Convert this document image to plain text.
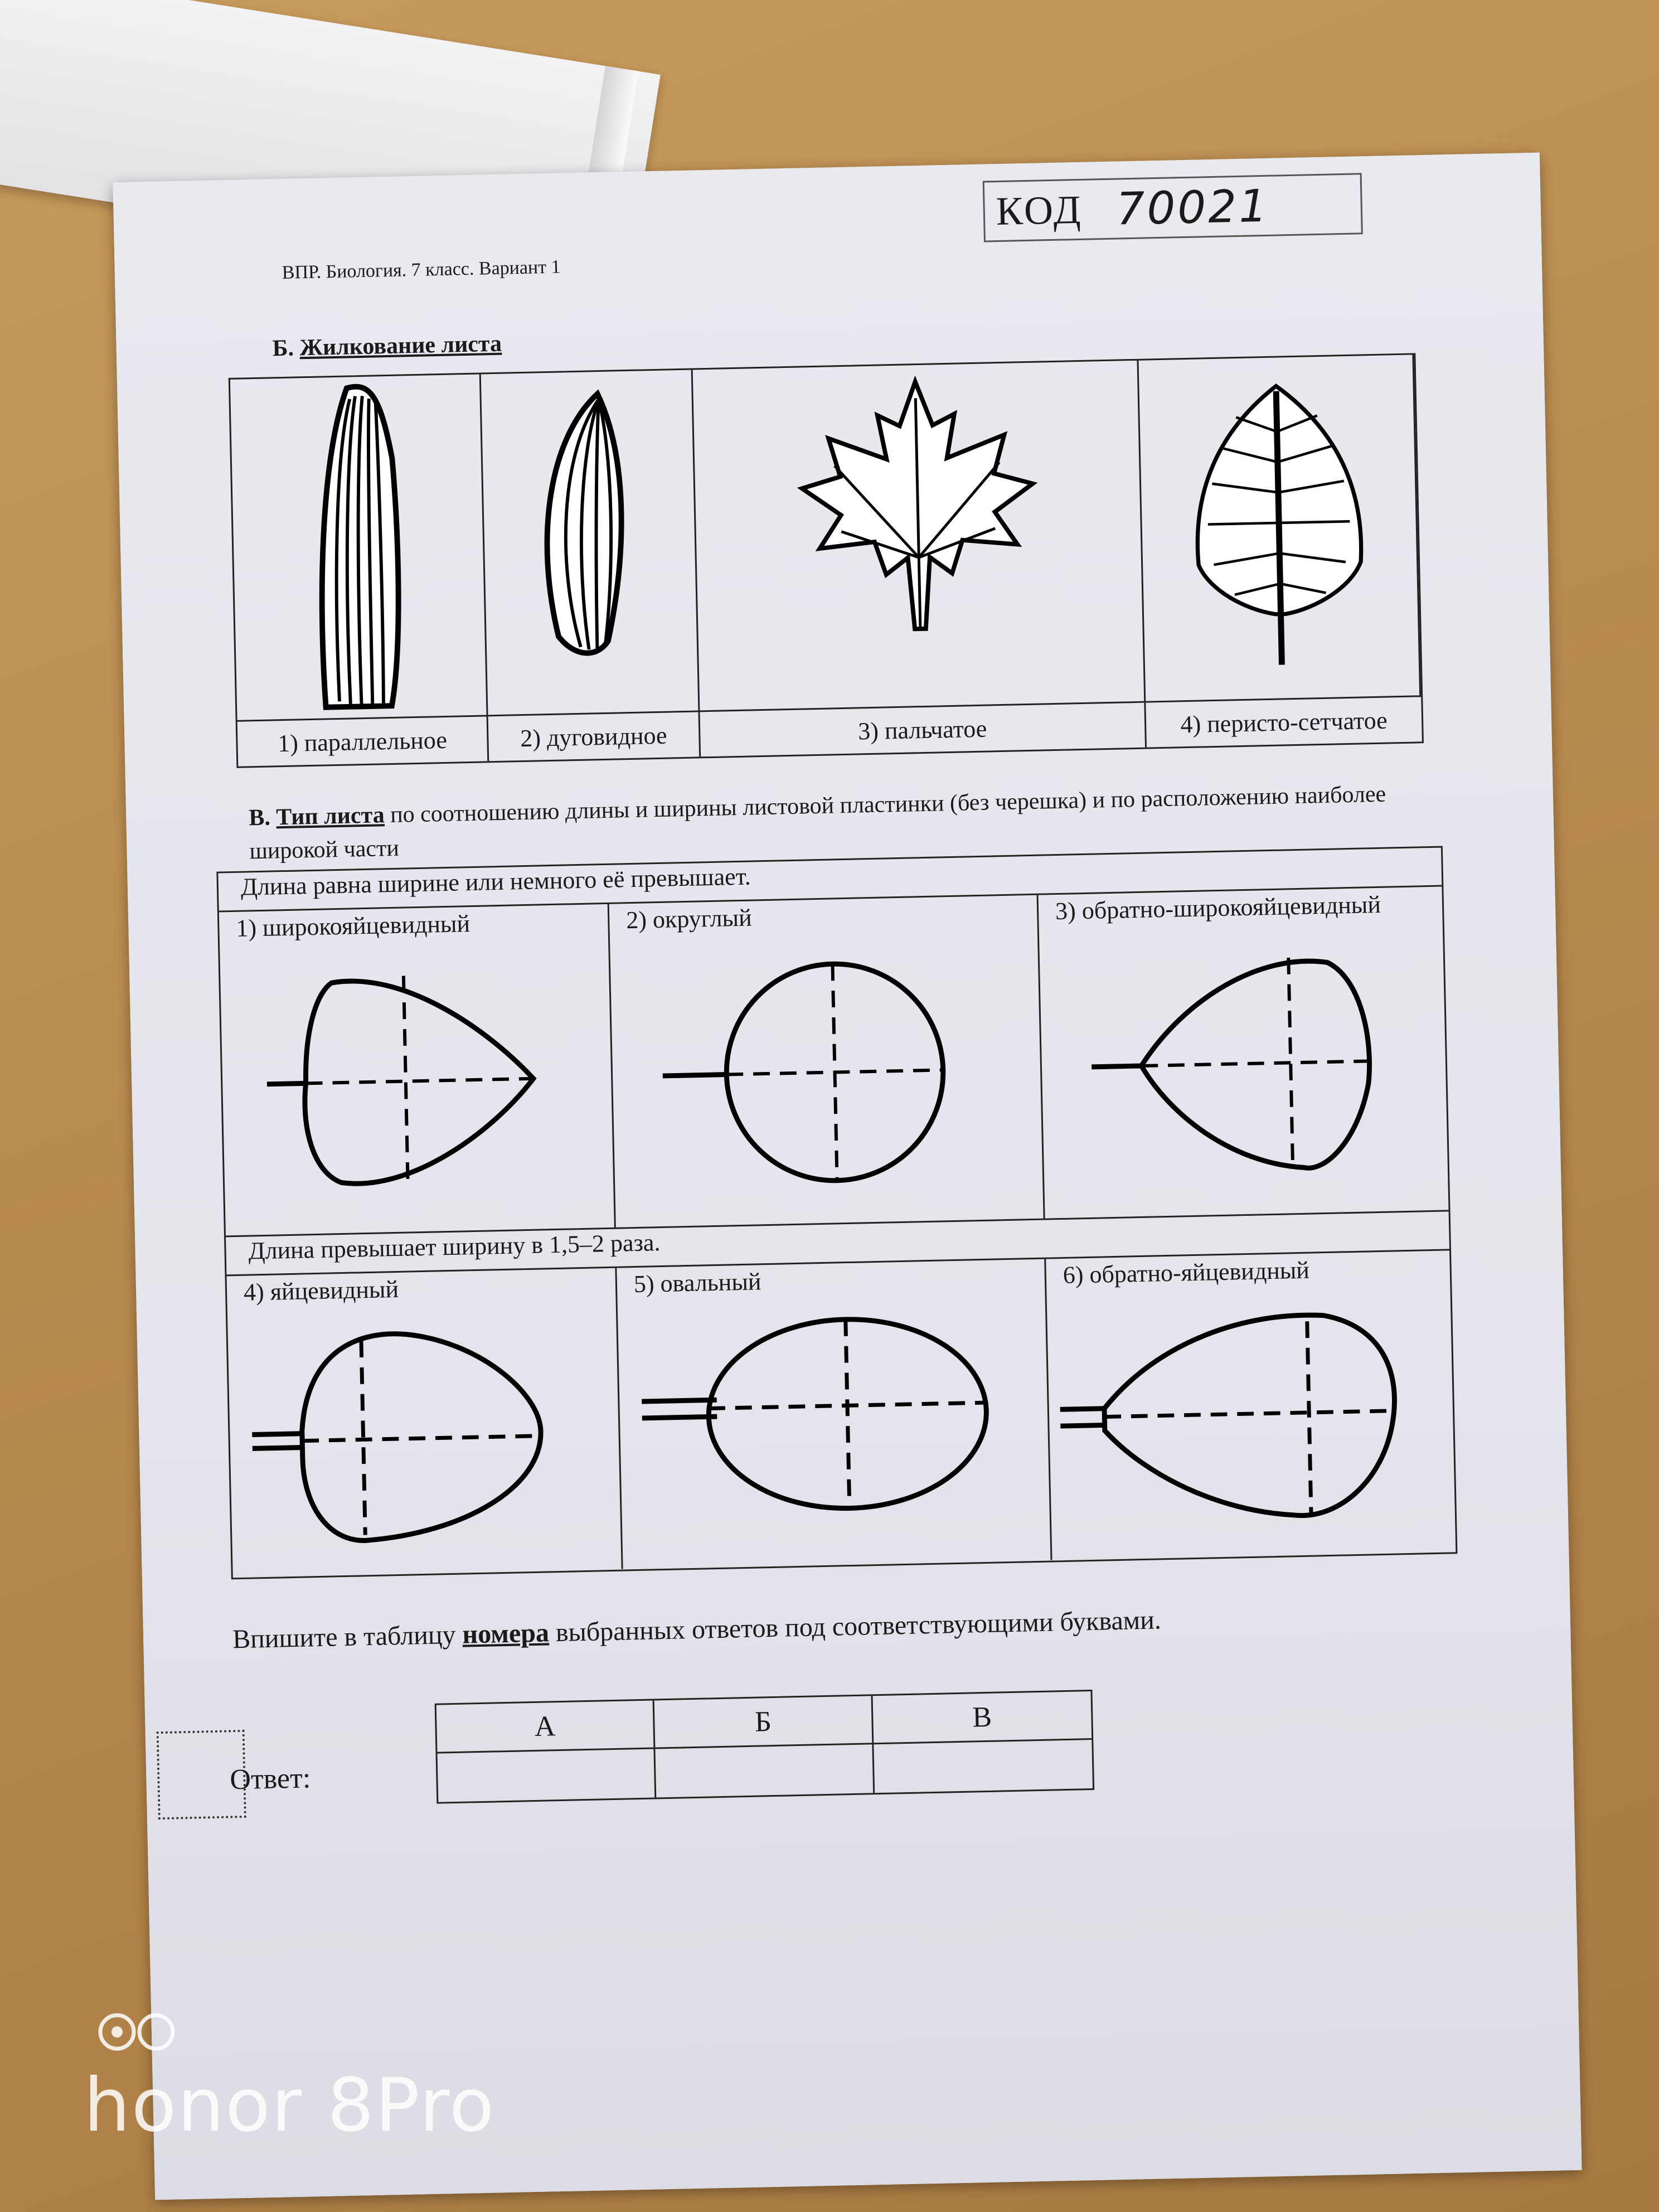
ВПР. Биология. 7 класс. Вариант 1
КОД 70021
Б. Жилкование листа
1) параллельное	2) дуговидное	3) пальчатое	4) перисто-сетчатое
В. Тип листа по соотношению длины и ширины листовой пластинки (без черешка) и по расположению наиболее широкой части
Длина равна ширине или немного её превышает.
1) широкояйцевидный	2) округлый	3) обратно-широкояйцевидный
Длина превышает ширину в 1,5–2 раза.
4) яйцевидный	5) овальный	6) обратно-яйцевидный
Впишите в таблицу номера выбранных ответов под соответствующими буквами.
Ответ:
А	Б	В
honor 8Pro
